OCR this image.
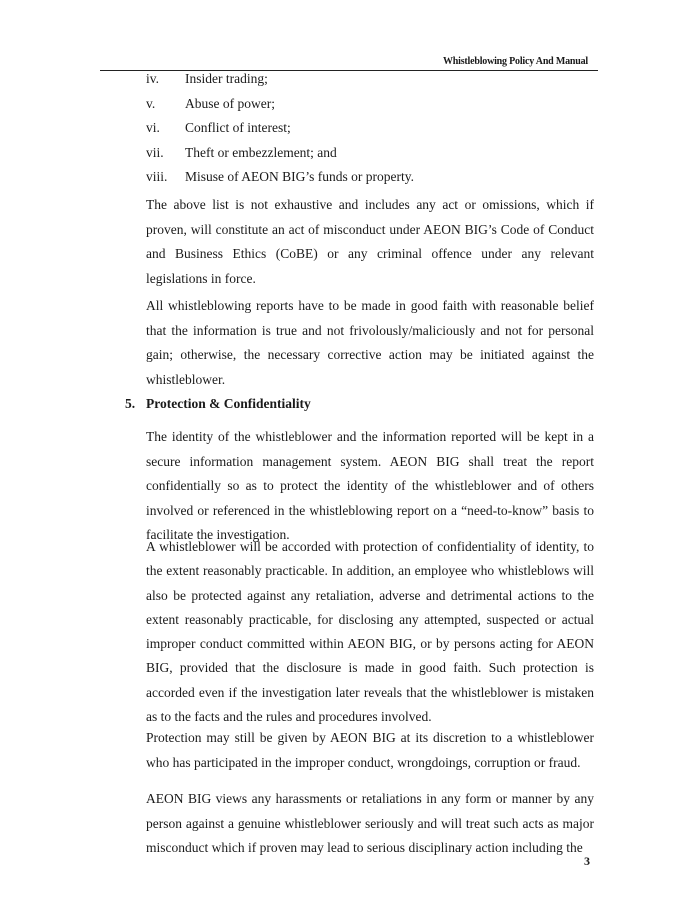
Whistleblowing Policy And Manual
iv. Insider trading;
v. Abuse of power;
vi. Conflict of interest;
vii. Theft or embezzlement; and
viii. Misuse of AEON BIG’s funds or property.

The above list is not exhaustive and includes any act or omissions, which if proven, will constitute an act of misconduct under AEON BIG’s Code of Conduct and Business Ethics (CoBE) or any criminal offence under any relevant legislations in force.

All whistleblowing reports have to be made in good faith with reasonable belief that the information is true and not frivolously/maliciously and not for personal gain; otherwise, the necessary corrective action may be initiated against the whistleblower.

5. Protection & Confidentiality

The identity of the whistleblower and the information reported will be kept in a secure information management system. AEON BIG shall treat the report confidentially so as to protect the identity of the whistleblower and of others involved or referenced in the whistleblowing report on a “need-to-know” basis to facilitate the investigation.

A whistleblower will be accorded with protection of confidentiality of identity, to the extent reasonably practicable. In addition, an employee who whistleblows will also be protected against any retaliation, adverse and detrimental actions to the extent reasonably practicable, for disclosing any attempted, suspected or actual improper conduct committed within AEON BIG, or by persons acting for AEON BIG, provided that the disclosure is made in good faith. Such protection is accorded even if the investigation later reveals that the whistleblower is mistaken as to the facts and the rules and procedures involved.

Protection may still be given by AEON BIG at its discretion to a whistleblower who has participated in the improper conduct, wrongdoings, corruption or fraud.

AEON BIG views any harassments or retaliations in any form or manner by any person against a genuine whistleblower seriously and will treat such acts as major misconduct which if proven may lead to serious disciplinary action including the

3
